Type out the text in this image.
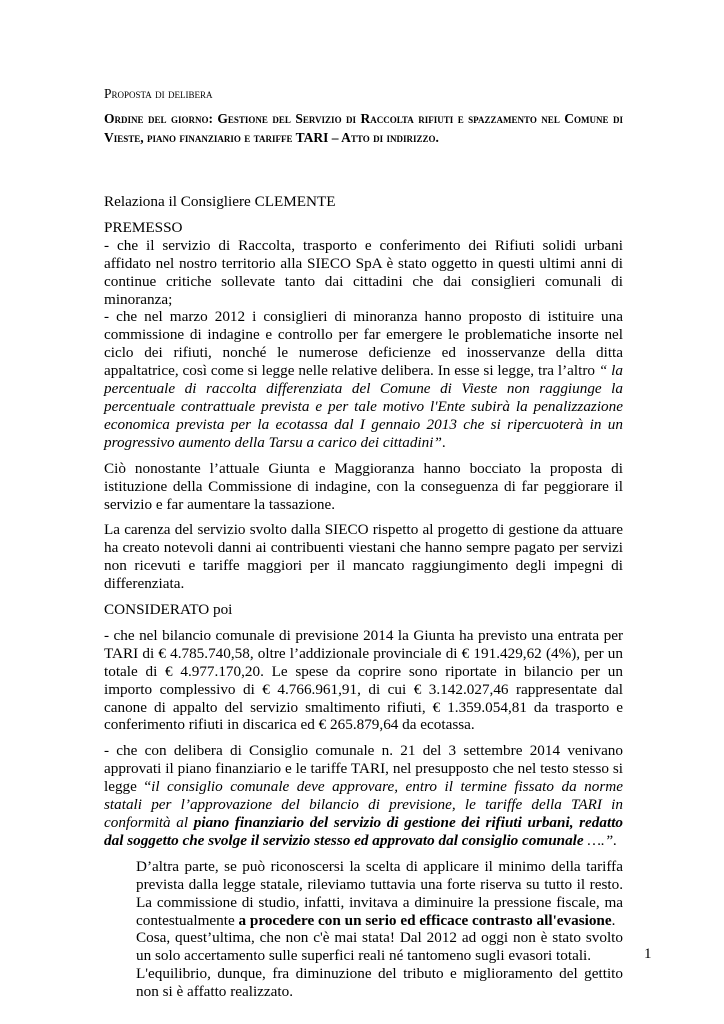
Proposta di delibera
Ordine del giorno: Gestione del Servizio di Raccolta rifiuti e spazzamento nel Comune di Vieste, piano finanziario e tariffe TARI – Atto di indirizzo.

Relaziona il Consigliere CLEMENTE

PREMESSO

- che il servizio di Raccolta, trasporto e conferimento dei Rifiuti solidi urbani affidato nel nostro territorio alla SIECO SpA è stato oggetto in questi ultimi anni di continue critiche sollevate tanto dai cittadini che dai consiglieri comunali di minoranza;

- che nel marzo 2012 i consiglieri di minoranza hanno proposto di istituire una commissione di indagine e controllo per far emergere le problematiche insorte nel ciclo dei rifiuti, nonché le numerose deficienze ed inosservanze della ditta appaltatrice, così come si legge nelle relative delibera. In esse si legge, tra l’altro “ la percentuale di raccolta differenziata del Comune di Vieste non raggiunge la percentuale contrattuale prevista e per tale motivo l'Ente subirà la penalizzazione economica prevista per la ecotassa dal I gennaio 2013 che si ripercuoterà in un progressivo aumento della Tarsu a carico dei cittadini”.

Ciò nonostante l’attuale Giunta e Maggioranza hanno bocciato la proposta di istituzione della Commissione di indagine, con la conseguenza di far peggiorare il servizio e far aumentare la tassazione.

La carenza del servizio svolto dalla SIECO rispetto al progetto di gestione da attuare ha creato notevoli danni ai contribuenti viestani che hanno sempre pagato per servizi non ricevuti e tariffe maggiori per il mancato raggiungimento degli impegni di differenziata.

CONSIDERATO poi

- che nel bilancio comunale di previsione 2014 la Giunta ha previsto una entrata per TARI di € 4.785.740,58, oltre l’addizionale provinciale di € 191.429,62 (4%), per un totale di € 4.977.170,20. Le spese da coprire sono riportate in bilancio per un importo complessivo di € 4.766.961,91, di cui € 3.142.027,46 rappresentate dal canone di appalto del servizio smaltimento rifiuti, € 1.359.054,81 da trasporto e conferimento rifiuti in discarica ed € 265.879,64 da ecotassa.

- che con delibera di Consiglio comunale n. 21 del 3 settembre 2014 venivano approvati il piano finanziario e le tariffe TARI, nel presupposto che nel testo stesso si legge “il consiglio comunale deve approvare, entro il termine fissato da norme statali per l’approvazione del bilancio di previsione, le tariffe della TARI in conformità al piano finanziario del servizio di gestione dei rifiuti urbani, redatto dal soggetto che svolge il servizio stesso ed approvato dal consiglio comunale ….”.

D’altra parte, se può riconoscersi la scelta di applicare il minimo della tariffa prevista dalla legge statale, rileviamo tuttavia una forte riserva su tutto il resto. La commissione di studio, infatti, invitava a diminuire la pressione fiscale, ma contestualmente a procedere con un serio ed efficace contrasto all'evasione.

Cosa, quest’ultima, che non c'è mai stata! Dal 2012 ad oggi non è stato svolto un solo accertamento sulle superfici reali né tantomeno sugli evasori totali.

L'equilibrio, dunque, fra diminuzione del tributo e miglioramento del gettito non si è affatto realizzato.

1
